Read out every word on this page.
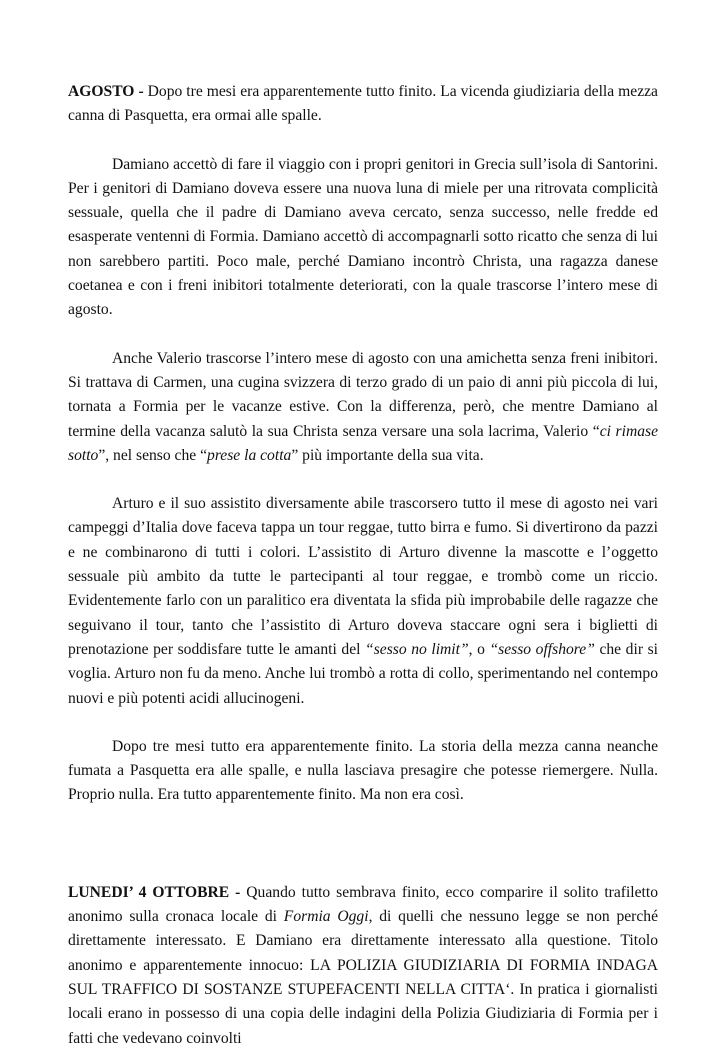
AGOSTO - Dopo tre mesi era apparentemente tutto finito. La vicenda giudiziaria della mezza canna di Pasquetta, era ormai alle spalle.

Damiano accettò di fare il viaggio con i propri genitori in Grecia sull’isola di Santorini. Per i genitori di Damiano doveva essere una nuova luna di miele per una ritrovata complicità sessuale, quella che il padre di Damiano aveva cercato, senza successo, nelle fredde ed esasperate ventenni di Formia. Damiano accettò di accompagnarli sotto ricatto che senza di lui non sarebbero partiti. Poco male, perché Damiano incontrò Christa, una ragazza danese coetanea e con i freni inibitori totalmente deteriorati, con la quale trascorse l’intero mese di agosto.

Anche Valerio trascorse l’intero mese di agosto con una amichetta senza freni inibitori. Si trattava di Carmen, una cugina svizzera di terzo grado di un paio di anni più piccola di lui, tornata a Formia per le vacanze estive. Con la differenza, però, che mentre Damiano al termine della vacanza salutò la sua Christa senza versare una sola lacrima, Valerio “ci rimase sotto”, nel senso che “prese la cotta” più importante della sua vita.

Arturo e il suo assistito diversamente abile trascorsero tutto il mese di agosto nei vari campeggi d’Italia dove faceva tappa un tour reggae, tutto birra e fumo. Si divertirono da pazzi e ne combinarono di tutti i colori. L’assistito di Arturo divenne la mascotte e l’oggetto sessuale più ambito da tutte le partecipanti al tour reggae, e trombò come un riccio. Evidentemente farlo con un paralitico era diventata la sfida più improbabile delle ragazze che seguivano il tour, tanto che l’assistito di Arturo doveva staccare ogni sera i biglietti di prenotazione per soddisfare tutte le amanti del “sesso no limit”, o “sesso offshore” che dir si voglia. Arturo non fu da meno. Anche lui trombò a rotta di collo, sperimentando nel contempo nuovi e più potenti acidi allucinogeni.

Dopo tre mesi tutto era apparentemente finito. La storia della mezza canna neanche fumata a Pasquetta era alle spalle, e nulla lasciava presagire che potesse riemergere. Nulla. Proprio nulla. Era tutto apparentemente finito. Ma non era così.

LUNEDI’ 4 OTTOBRE - Quando tutto sembrava finito, ecco comparire il solito trafiletto anonimo sulla cronaca locale di Formia Oggi, di quelli che nessuno legge se non perché direttamente interessato. E Damiano era direttamente interessato alla questione. Titolo anonimo e apparentemente innocuo: LA POLIZIA GIUDIZIARIA DI FORMIA INDAGA SUL TRAFFICO DI SOSTANZE STUPEFACENTI NELLA CITTA‘. In pratica i giornalisti locali erano in possesso di una copia delle indagini della Polizia Giudiziaria di Formia per i fatti che vedevano coinvolti
